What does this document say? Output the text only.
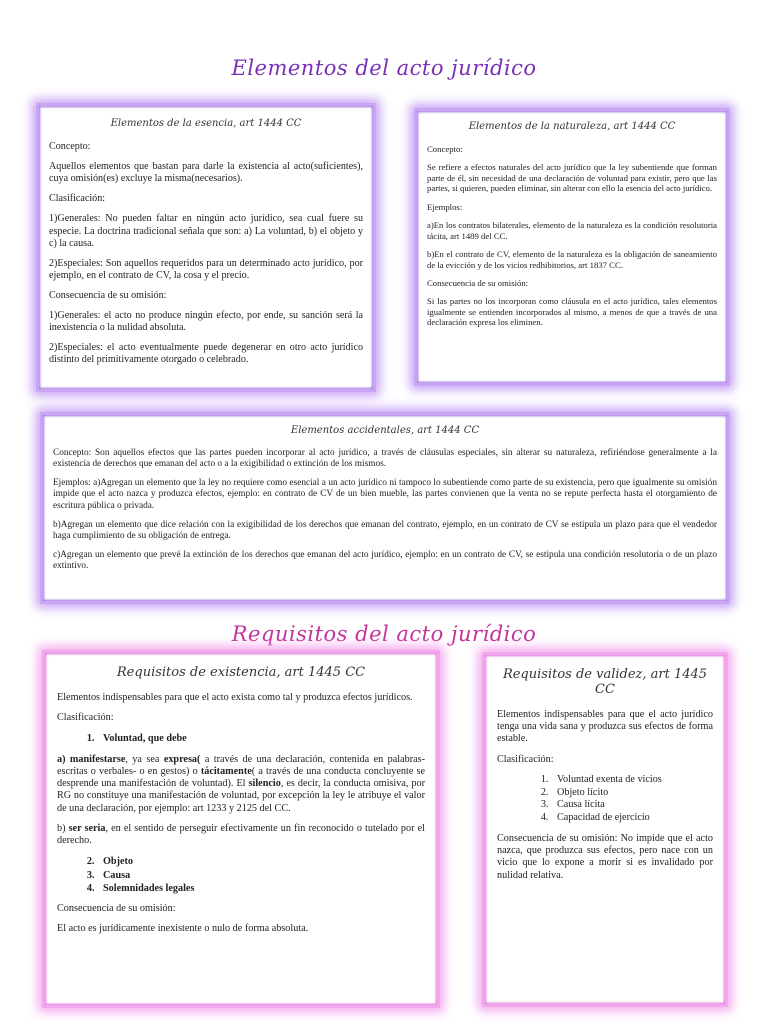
Elementos del acto jurídico
Elementos de la esencia, art 1444 CC

Concepto:

Aquellos elementos que bastan para darle la existencia al acto(suficientes), cuya omisión(es) excluye la misma(necesarios).

Clasificación:

1)Generales: No pueden faltar en ningún acto jurídico, sea cual fuere su especie. La doctrina tradicional señala que son: a) La voluntad, b) el objeto y c) la causa.

2)Especiales: Son aquellos requeridos para un determinado acto jurídico, por ejemplo, en el contrato de CV, la cosa y el precio.

Consecuencia de su omisión:

1)Generales: el acto no produce ningún efecto, por ende, su sanción será la inexistencia o la nulidad absoluta.

2)Especiales: el acto eventualmente puede degenerar en otro acto jurídico distinto del primitivamente otorgado o celebrado.

Elementos de la naturaleza, art 1444 CC

Concepto:

Se refiere a efectos naturales del acto jurídico que la ley subentiende que forman parte de él, sin necesidad de una declaración de voluntad para existir, pero que las partes, si quieren, pueden eliminar, sin alterar con ello la esencia del acto jurídico.

Ejemplos:

a)En los contratos bilaterales, elemento de la naturaleza es la condición resolutoria tácita, art 1489 del CC.

b)En el contrato de CV, elemento de la naturaleza es la obligación de saneamiento de la evicción y de los vicios redhibitorios, art 1837 CC.

Consecuencia de su omisión:

Si las partes no los incorporan como cláusula en el acto jurídico, tales elementos igualmente se entienden incorporados al mismo, a menos de que a través de una declaración expresa los eliminen.

Elementos accidentales, art 1444 CC

Concepto: Son aquellos efectos que las partes pueden incorporar al acto jurídico, a través de cláusulas especiales, sin alterar su naturaleza, refiriéndose generalmente a la existencia de derechos que emanan del acto o a la exigibilidad o extinción de los mismos.

Ejemplos: a)Agregan un elemento que la ley no requiere como esencial a un acto jurídico ni tampoco lo subentiende como parte de su existencia, pero que igualmente su omisión impide que el acto nazca y produzca efectos, ejemplo: en contrato de CV de un bien mueble, las partes convienen que la venta no se repute perfecta hasta el otorgamiento de escritura pública o privada.

b)Agregan un elemento que dice relación con la exigibilidad de los derechos que emanan del contrato, ejemplo, en un contrato de CV se estipula un plazo para que el vendedor haga cumplimiento de su obligación de entrega.

c)Agregan un elemento que prevé la extinción de los derechos que emanan del acto jurídico, ejemplo: en un contrato de CV, se estipula una condición resolutoria o de un plazo extintivo.

Requisitos del acto jurídico
Requisitos de existencia, art 1445 CC

Elementos indispensables para que el acto exista como tal y produzca efectos jurídicos.

Clasificación:

1. Voluntad, que debe

a) manifestarse, ya sea expresa( a través de una declaración, contenida en palabras-escritas o verbales- o en gestos) o tácitamente( a través de una conducta concluyente se desprende una manifestación de voluntad). El silencio, es decir, la conducta omisiva, por RG no constituye una manifestación de voluntad, por excepción la ley le atribuye el valor de una declaración, por ejemplo: art 1233 y 2125 del CC.

b) ser seria, en el sentido de perseguir efectivamente un fin reconocido o tutelado por el derecho.

2. Objeto
3. Causa
4. Solemnidades legales

Consecuencia de su omisión:

El acto es jurídicamente inexistente o nulo de forma absoluta.

Requisitos de validez, art 1445 CC

Elementos indispensables para que el acto jurídico tenga una vida sana y produzca sus efectos de forma estable.

Clasificación:

1. Voluntad exenta de vicios
2. Objeto lícito
3. Causa lícita
4. Capacidad de ejercicio

Consecuencia de su omisión: No impide que el acto nazca, que produzca sus efectos, pero nace con un vicio que lo expone a morir si es invalidado por nulidad relativa.
